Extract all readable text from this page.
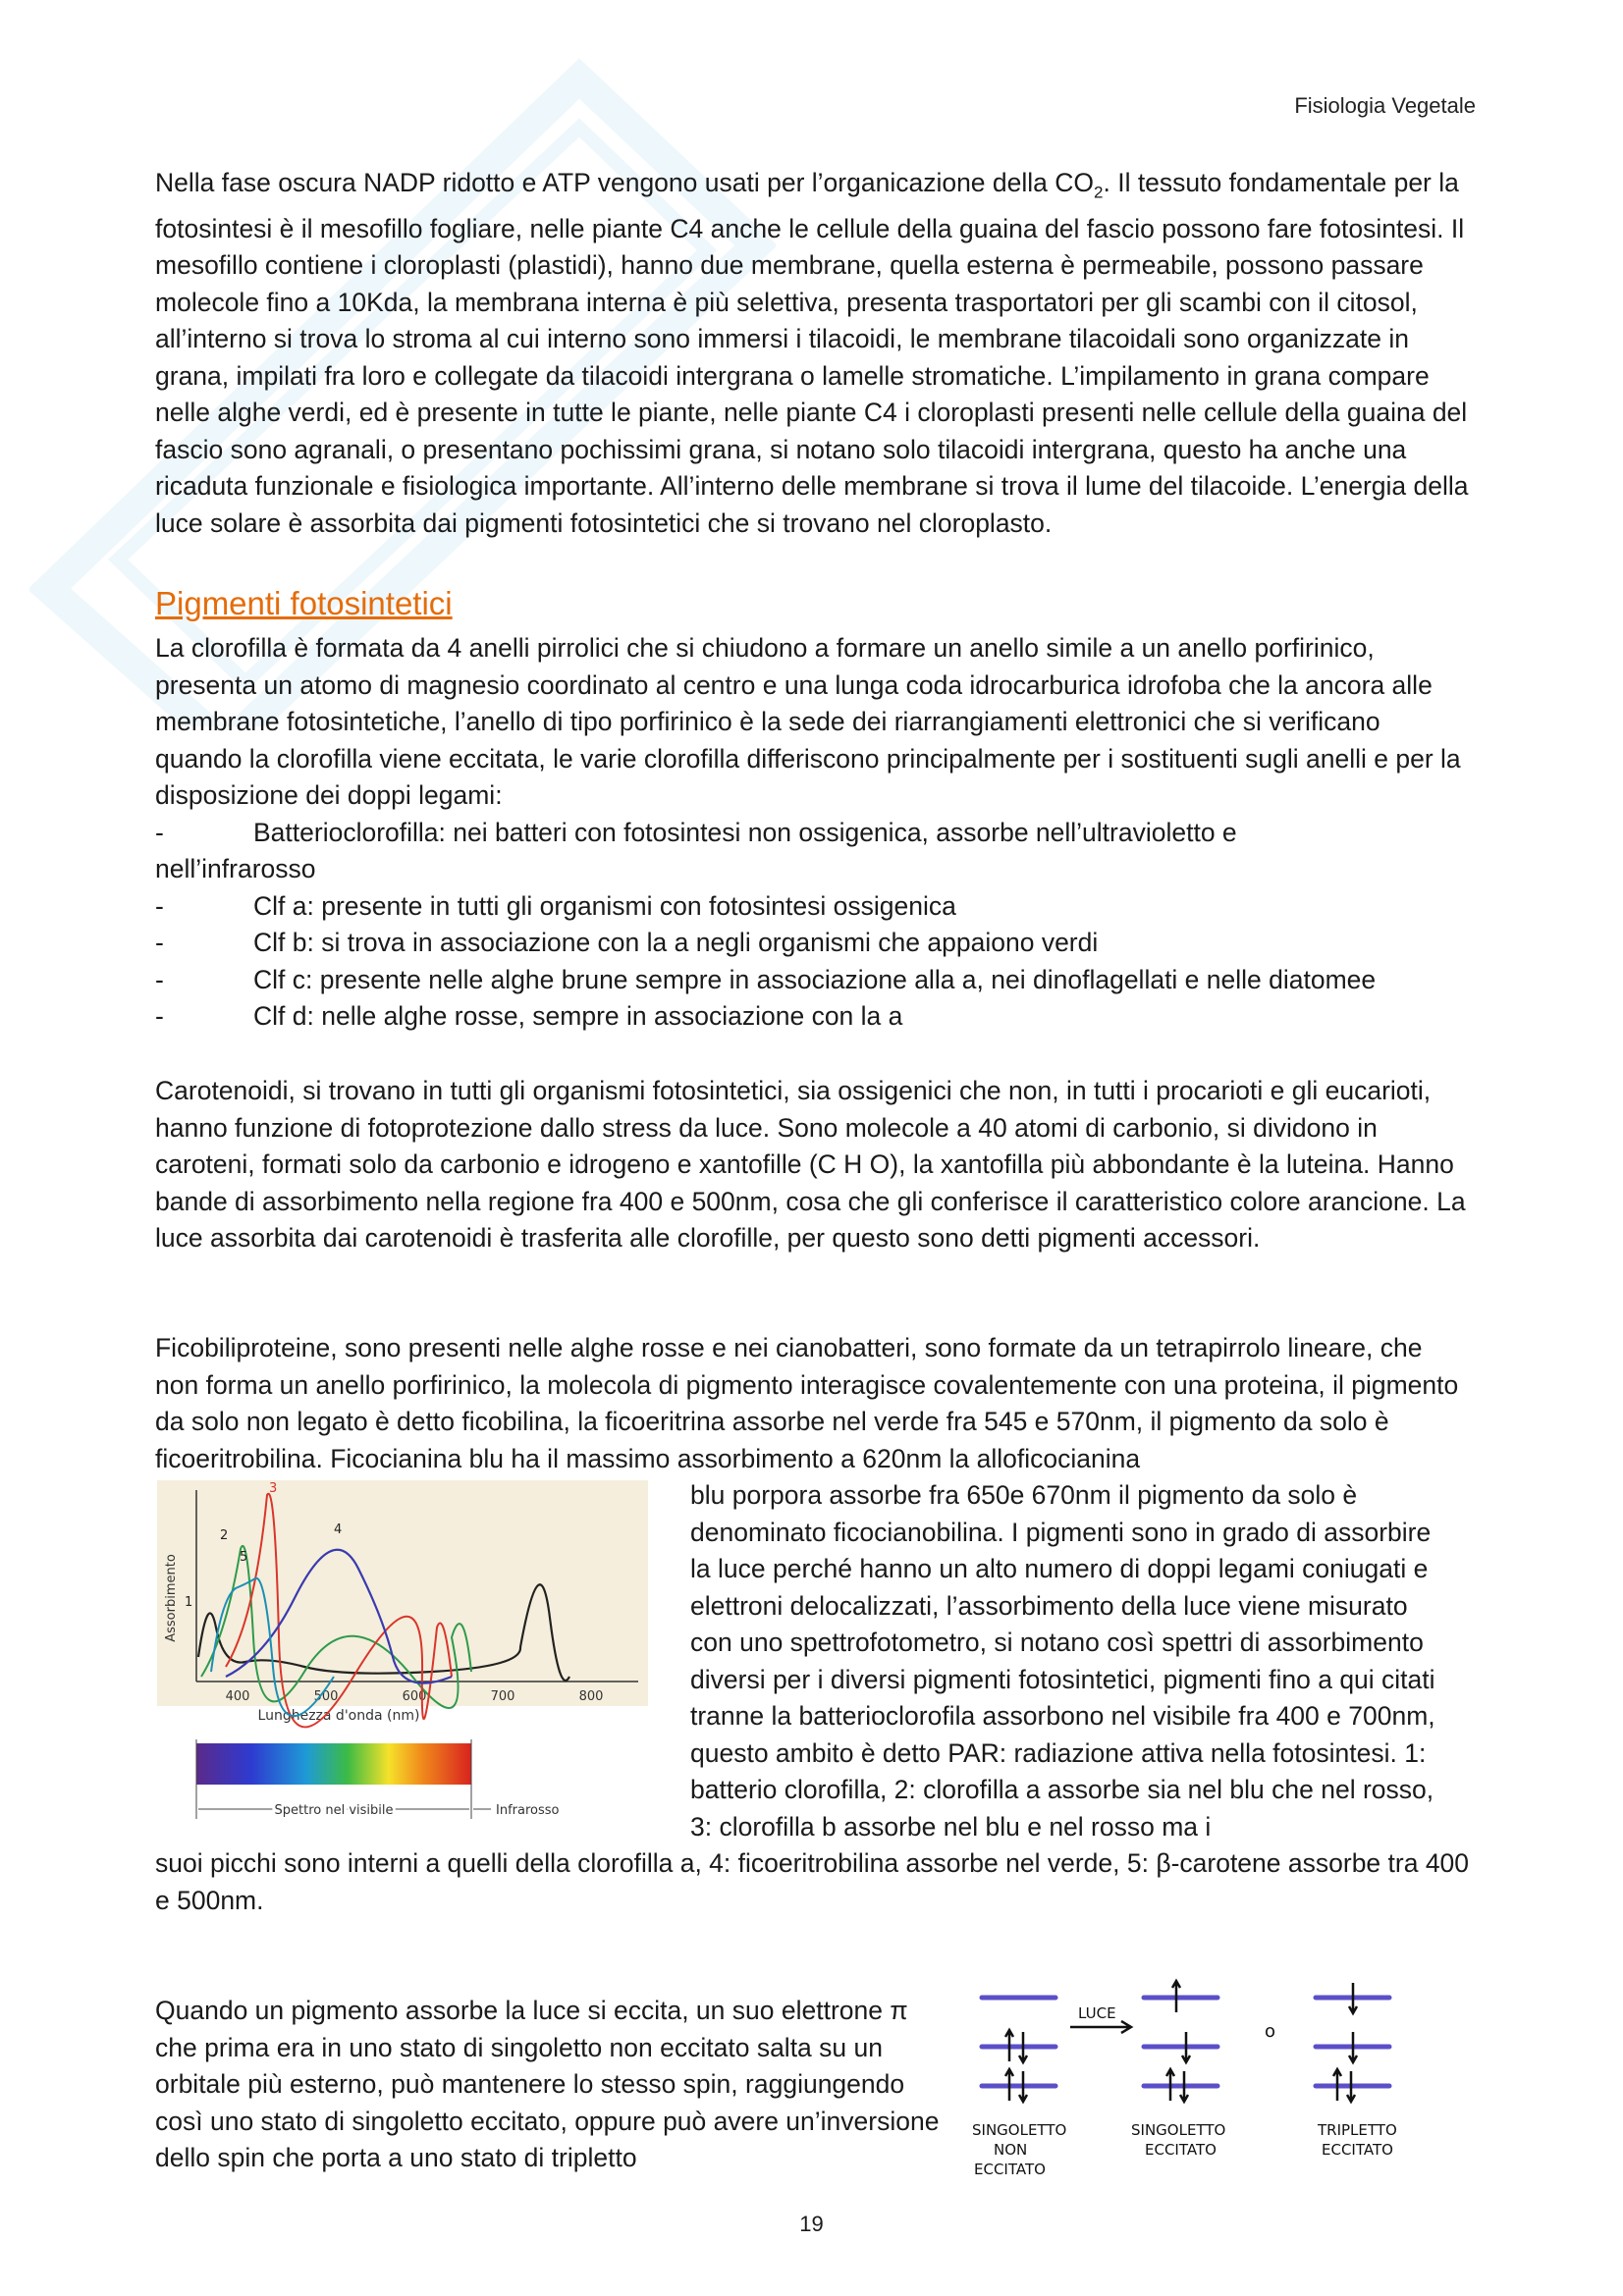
Fisiologia Vegetale

Nella fase oscura NADP ridotto e ATP vengono usati per l’organicazione della $CO_2$. Il tessuto fondamentale per la fotosintesi è il mesofillo fogliare, nelle piante C4 anche le cellule della guaina del fascio possono fare fotosintesi. Il mesofillo contiene i cloroplasti (plastidi), hanno due membrane, quella esterna è permeabile, possono passare molecole fino a 10Kda, la membrana interna è più selettiva, presenta trasportatori per gli scambi con il citosol, all’interno si trova lo stroma al cui interno sono immersi i tilacoidi, le membrane tilacoidali sono organizzate in grana, impilati fra loro e collegate da tilacoidi intergrana o lamelle stromatiche. L’impilamento in grana compare nelle alghe verdi, ed è presente in tutte le piante, nelle piante C4 i cloroplasti presenti nelle cellule della guaina del fascio sono agranali, o presentano pochissimi grana, si notano solo tilacoidi intergrana, questo ha anche una ricaduta funzionale e fisiologica importante. All’interno delle membrane si trova il lume del tilacoide. L’energia della luce solare è assorbita dai pigmenti fotosintetici che si trovano nel cloroplasto.

Pigmenti fotosintetici

La clorofilla è formata da 4 anelli pirrolici che si chiudono a formare un anello simile a un anello porfirinico, presenta un atomo di magnesio coordinato al centro e una lunga coda idrocarburica idrofoba che la ancora alle membrane fotosintetiche, l’anello di tipo porfirinico è la sede dei riarrangiamenti elettronici che si verificano quando la clorofilla viene eccitata, le varie clorofilla differiscono principalmente per i sostituenti sugli anelli e per la disposizione dei doppi legami:

-	Batterioclorofilla: nei batteri con fotosintesi non ossigenica, assorbe nell’ultravioletto e
nell’infrarosso
-	Clf a: presente in tutti gli organismi con fotosintesi ossigenica
-	Clf b: si trova in associazione con la a negli organismi che appaiono verdi
-	Clf c: presente nelle alghe brune sempre in associazione alla a, nei dinoflagellati e nelle diatomee
-	Clf d: nelle alghe rosse, sempre in associazione con la a

Carotenoidi, si trovano in tutti gli organismi fotosintetici, sia ossigenici che non, in tutti i procarioti e gli eucarioti, hanno funzione di fotoprotezione dallo stress da luce. Sono molecole a 40 atomi di carbonio, si dividono in caroteni, formati solo da carbonio e idrogeno e xantofille (C H O), la xantofilla più abbondante è la luteina. Hanno bande di assorbimento nella regione fra 400 e 500nm, cosa che gli conferisce il caratteristico colore arancione. La luce assorbita dai carotenoidi è trasferita alle clorofille, per questo sono detti pigmenti accessori.

Ficobiliproteine, sono presenti nelle alghe rosse e nei cianobatteri, sono formate da un tetrapirrolo lineare, che non forma un anello porfirinico, la molecola di pigmento interagisce covalentemente con una proteina, il pigmento da solo non legato è detto ficobilina, la ficoeritrina assorbe nel verde fra 545 e 570nm, il pigmento da solo è ficoeritrobilina. Ficocianina blu ha il massimo assorbimento a 620nm la alloficocianina

blu porpora assorbe fra 650e 670nm il pigmento da solo è denominato ficocianobilina. I pigmenti sono in grado di assorbire la luce perché hanno un alto numero di doppi legami coniugati e elettroni delocalizzati, l’assorbimento della luce viene misurato con uno spettrofotometro, si notano così spettri di assorbimento diversi per i diversi pigmenti fotosintetici, pigmenti fino a qui citati tranne la batterioclorofila assorbono nel visibile fra 400 e 700nm, questo ambito è detto PAR: radiazione attiva nella fotosintesi. 1: batterio clorofilla, 2: clorofilla a assorbe sia nel blu che nel rosso, 3: clorofilla b assorbe nel blu e nel rosso ma i

suoi picchi sono interni a quelli della clorofilla a, 4: ficoeritrobilina assorbe nel verde, 5: β-carotene assorbe tra 400 e 500nm.

Quando un pigmento assorbe la luce si eccita, un suo elettrone π che prima era in uno stato di singoletto non eccitato salta su un orbitale più esterno, può mantenere lo stesso spin, raggiungendo così uno stato di singoletto eccitato, oppure può avere un’inversione dello spin che porta a uno stato di tripletto

Assorbimento
400	500	600	700	800
Lunghezza d'onda (nm)
1
2
3
4
5
Spettro nel visibile	Infrarosso
LUCE
o
SINGOLETTO
NON
ECCITATO
SINGOLETTO
ECCITATO
TRIPLETTO
ECCITATO
19
